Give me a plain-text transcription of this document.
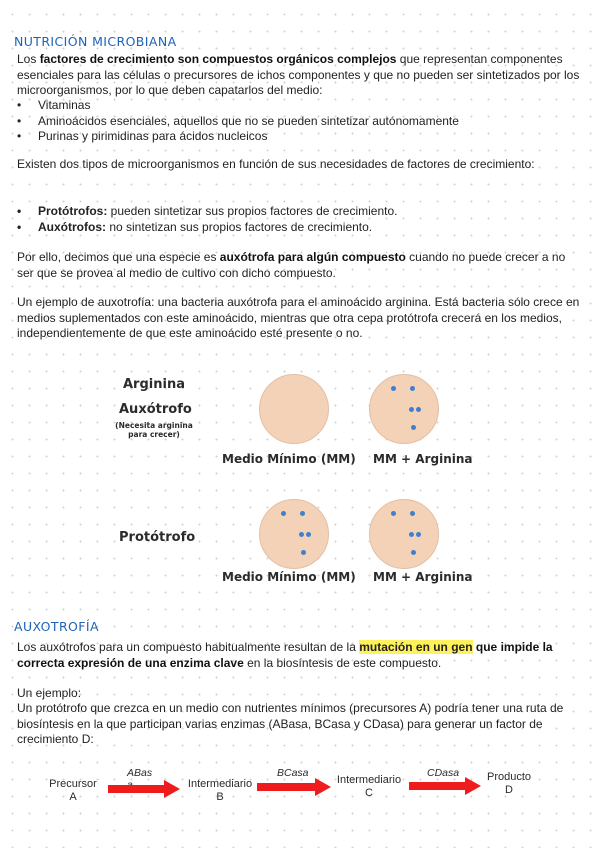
NUTRICIÓN MICROBIANA
Los factores de crecimiento son compuestos orgánicos complejos que representan componentes esenciales para las células o precursores de ichos componentes y que no pueden ser sintetizados por los microorganismos, por lo que deben capatarlos del medio:
• Vitaminas
• Aminoácidos esenciales, aquellos que no se pueden sintetizar autónomamente
• Purinas y pirimidinas para ácidos nucleicos
Existen dos tipos de microorganismos en función de sus necesidades de factores de crecimiento:
• Protótrofos: pueden sintetizar sus propios factores de crecimiento.
• Auxótrofos: no sintetizan sus propios factores de crecimiento.
Por ello, decimos que una especie es auxótrofa para algún compuesto cuando no puede crecer a no ser que se provea al medio de cultivo con dicho compuesto.
Un ejemplo de auxotrofía: una bacteria auxótrofa para el aminoácido arginina. Está bacteria sólo crece en medios suplementados con este aminoácido, mientras que otra cepa protótrofa crecerá en los medios, independientemente de que este aminoácido esté presente o no.
Arginina
Auxótrofo
(Necesita arginina para crecer)
Medio Mínimo (MM) MM + Arginina
Protótrofo
Medio Mínimo (MM) MM + Arginina
AUXOTROFÍA
Los auxótrofos para un compuesto habitualmente resultan de la mutación en un gen que impide la correcta expresión de una enzima clave en la biosíntesis de este compuesto.
Un ejemplo:
Un protótrofo que crezca en un medio con nutrientes mínimos (precursores A) podría tener una ruta de biosíntesis en la que participan varias enzimas (ABasa, BCasa y CDasa) para generar un factor de crecimiento D:
Precursor
A
Intermediario
B
Intermediario
C
Producto
D
ABas	BCasa	CDasa
